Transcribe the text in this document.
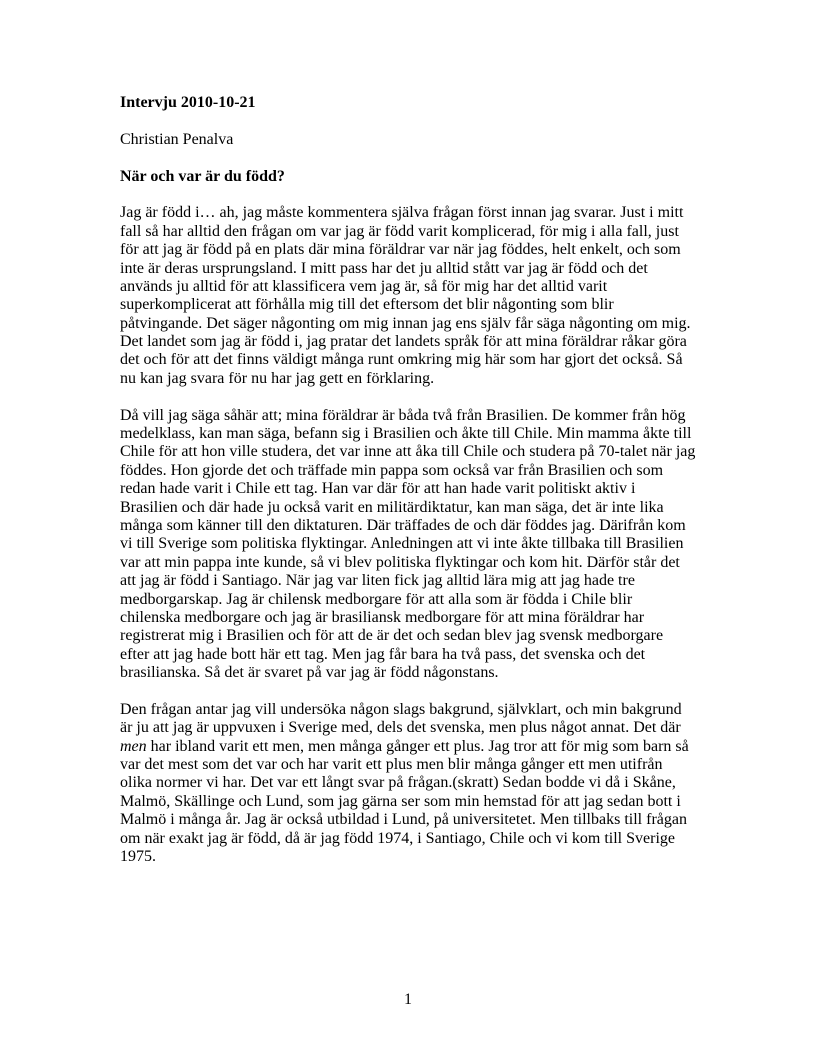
Intervju 2010-10-21
Christian Penalva
När och var är du född?
Jag är född i… ah, jag måste kommentera själva frågan först innan jag svarar. Just i mitt
fall så har alltid den frågan om var jag är född varit komplicerad, för mig i alla fall, just
för att jag är född på en plats där mina föräldrar var när jag föddes, helt enkelt, och som
inte är deras ursprungsland. I mitt pass har det ju alltid stått var jag är född och det
används ju alltid för att klassificera vem jag är, så för mig har det alltid varit
superkomplicerat att förhålla mig till det eftersom det blir någonting som blir
påtvingande. Det säger någonting om mig innan jag ens själv får säga någonting om mig.
Det landet som jag är född i, jag pratar det landets språk för att mina föräldrar råkar göra
det och för att det finns väldigt många runt omkring mig här som har gjort det också. Så
nu kan jag svara för nu har jag gett en förklaring.
Då vill jag säga såhär att; mina föräldrar är båda två från Brasilien. De kommer från hög
medelklass, kan man säga, befann sig i Brasilien och åkte till Chile. Min mamma åkte till
Chile för att hon ville studera, det var inne att åka till Chile och studera på 70-talet när jag
föddes. Hon gjorde det och träffade min pappa som också var från Brasilien och som
redan hade varit i Chile ett tag. Han var där för att han hade varit politiskt aktiv i
Brasilien och där hade ju också varit en militärdiktatur, kan man säga, det är inte lika
många som känner till den diktaturen. Där träffades de och där föddes jag. Därifrån kom
vi till Sverige som politiska flyktingar. Anledningen att vi inte åkte tillbaka till Brasilien
var att min pappa inte kunde, så vi blev politiska flyktingar och kom hit. Därför står det
att jag är född i Santiago. När jag var liten fick jag alltid lära mig att jag hade tre
medborgarskap. Jag är chilensk medborgare för att alla som är födda i Chile blir
chilenska medborgare och jag är brasiliansk medborgare för att mina föräldrar har
registrerat mig i Brasilien och för att de är det och sedan blev jag svensk medborgare
efter att jag hade bott här ett tag. Men jag får bara ha två pass, det svenska och det
brasilianska. Så det är svaret på var jag är född någonstans.
Den frågan antar jag vill undersöka någon slags bakgrund, självklart, och min bakgrund
är ju att jag är uppvuxen i Sverige med, dels det svenska, men plus något annat. Det där
men har ibland varit ett men, men många gånger ett plus. Jag tror att för mig som barn så
var det mest som det var och har varit ett plus men blir många gånger ett men utifrån
olika normer vi har. Det var ett långt svar på frågan.(skratt) Sedan bodde vi då i Skåne,
Malmö, Skällinge och Lund, som jag gärna ser som min hemstad för att jag sedan bott i
Malmö i många år. Jag är också utbildad i Lund, på universitetet. Men tillbaks till frågan
om när exakt jag är född, då är jag född 1974, i Santiago, Chile och vi kom till Sverige
1975.
1
